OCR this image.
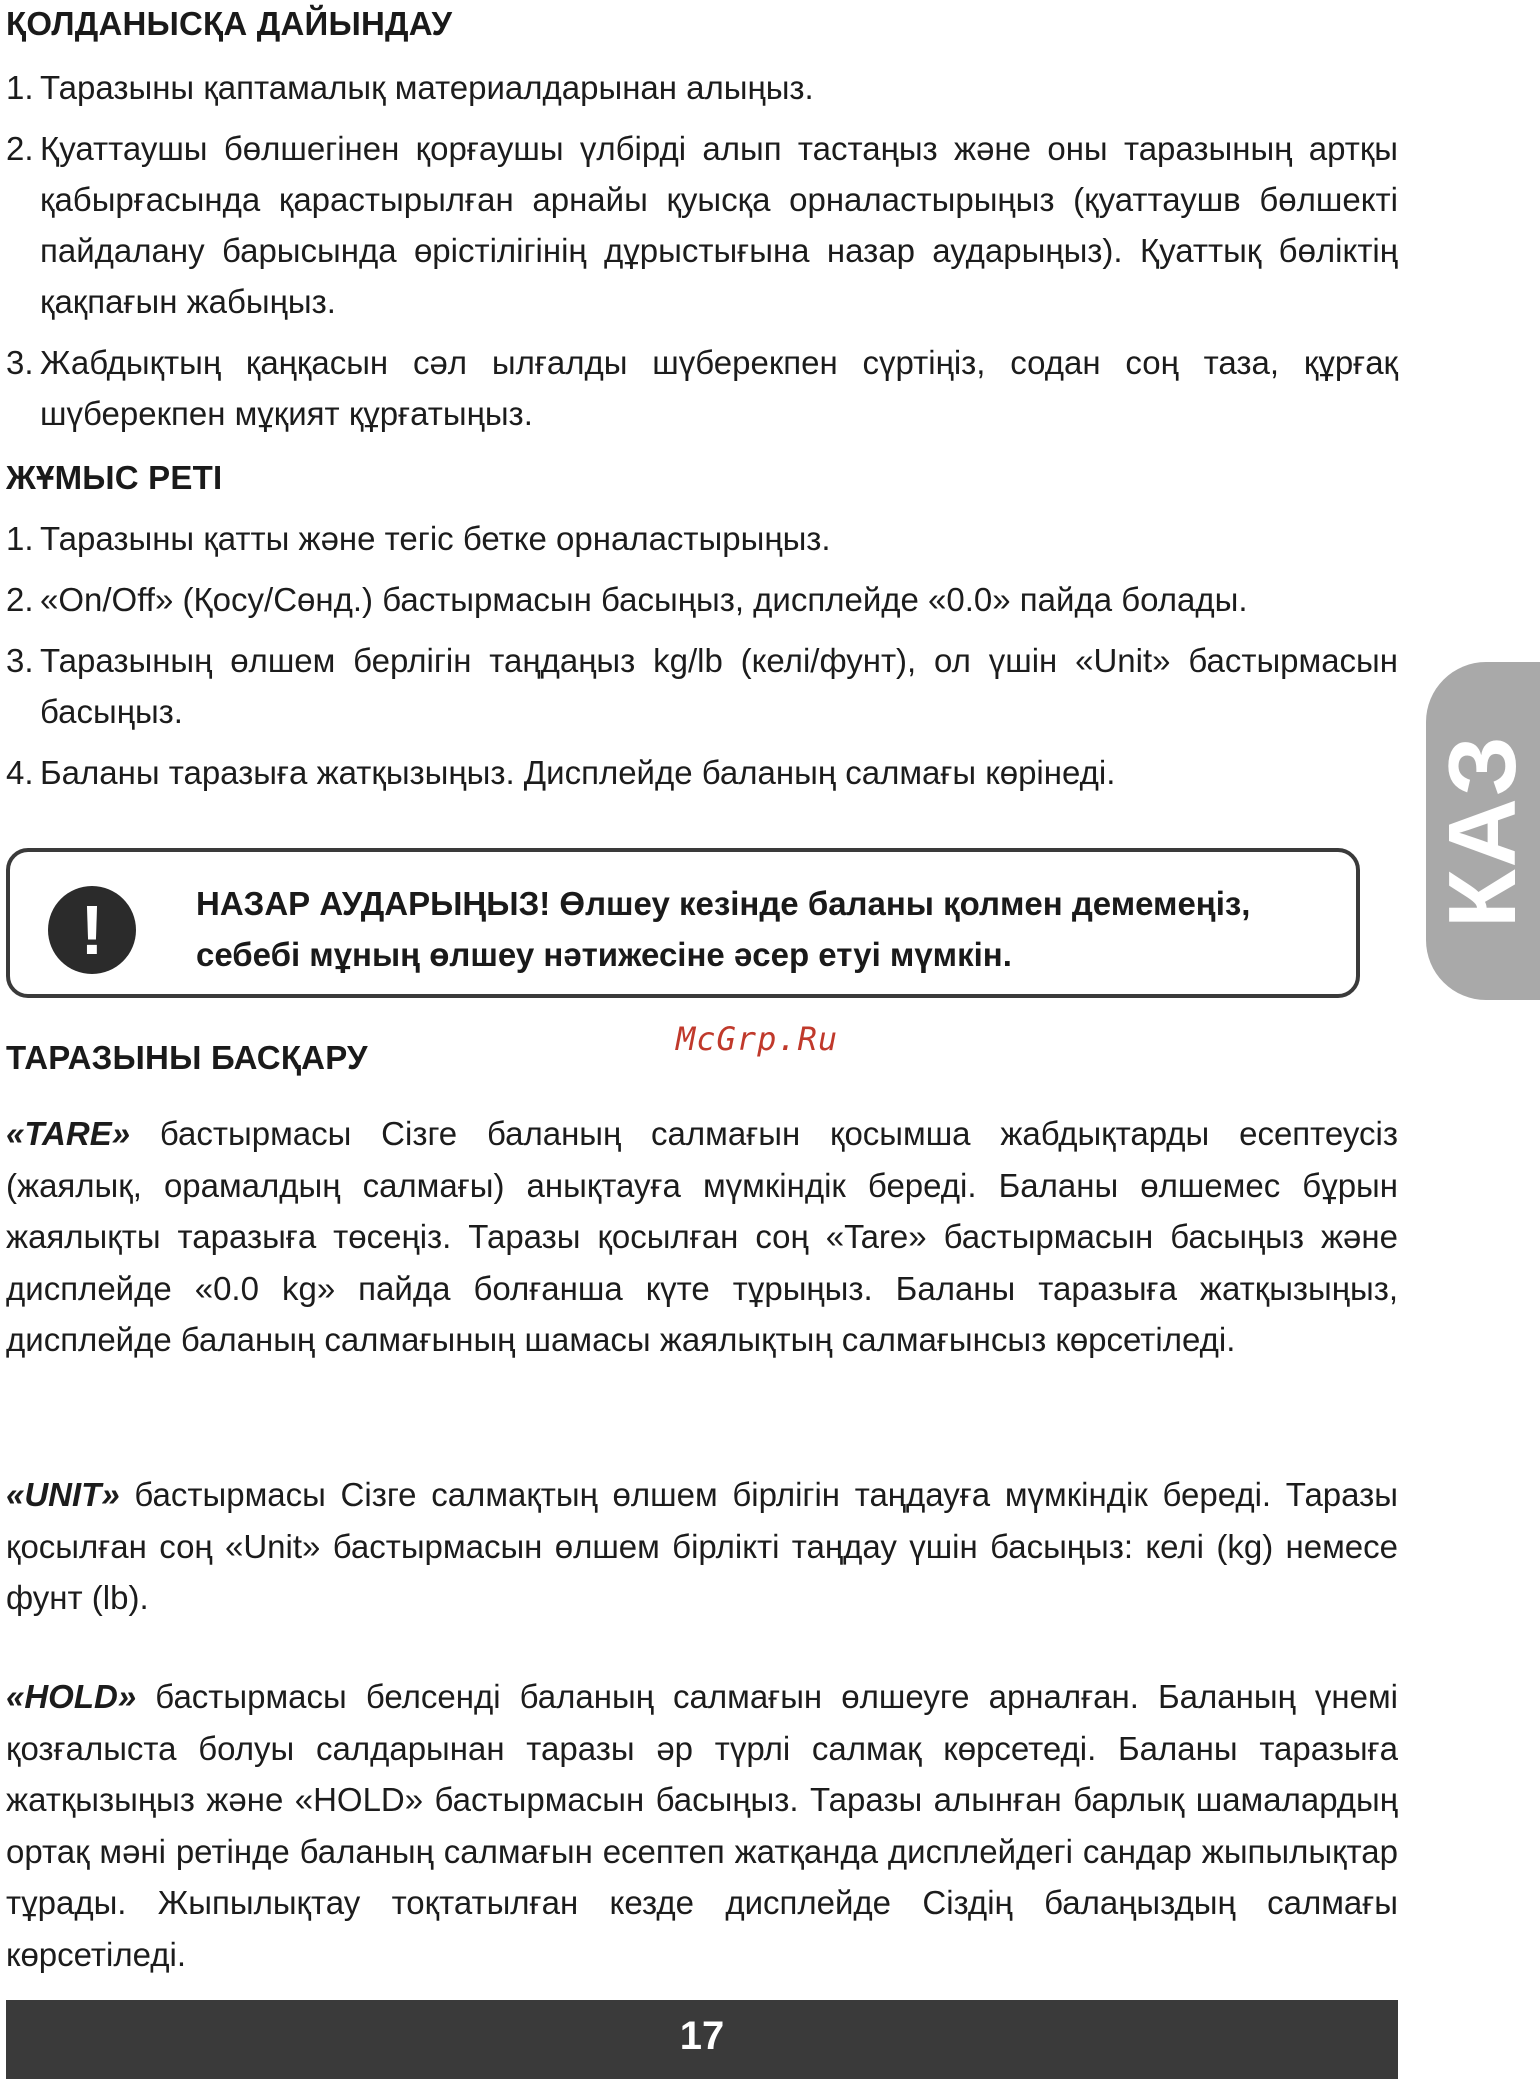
ҚОЛДАНЫСҚА ДАЙЫНДАУ
1. Таразыны қаптамалық материалдарынан алыңыз.
2. Қуаттаушы бөлшегінен қорғаушы үлбірді алып тастаңыз және оны таразының артқы қабырғасында қарастырылған арнайы қуысқа орналастырыңыз (қуаттаушв бөлшекті пайдалану барысында өрістілігінің дұрыстығына назар аударыңыз). Қуаттық бөліктің қақпағын жабыңыз.
3. Жабдықтың қаңқасын сәл ылғалды шүберекпен сүртіңіз, содан соң таза, құрғақ шүберекпен мұқият құрғатыңыз.
ЖҰМЫС РЕТІ
1. Таразыны қатты және тегіс бетке орналастырыңыз.
2. «On/Off» (Қосу/Сөнд.) бастырмасын басыңыз, дисплейде «0.0» пайда болады.
3. Таразының өлшем берлігін таңдаңыз kg/lb (келі/фунт), ол үшін «Unit» бастырмасын басыңыз.
4. Баланы таразыға жатқызыңыз. Дисплейде баланың салмағы көрінеді.
!	НАЗАР АУДАРЫҢЫЗ! Өлшеу кезінде баланы қолмен демемеңіз, себебі мұның өлшеу нәтижесіне әсер етуі мүмкін.
McGrp.Ru
ТАРАЗЫНЫ БАСҚАРУ

«TARE» бастырмасы Сізге баланың салмағын қосымша жабдықтарды есептеусіз (жаялық, орамалдың салмағы) анықтауға мүмкіндік береді. Баланы өлшемес бұрын жаялықты таразыға төсеңіз. Таразы қосылған соң «Tare» бастырмасын басыңыз және дисплейде «0.0 kg» пайда болғанша күте тұрыңыз. Баланы таразыға жатқызыңыз, дисплейде баланың салмағының шамасы жаялықтың салмағынсыз көрсетіледі.

«UNIT» бастырмасы Сізге салмақтың өлшем бірлігін таңдауға мүмкіндік береді. Таразы қосылған соң «Unit» бастырмасын өлшем бірлікті таңдау үшін басыңыз: келі (kg) немесе фунт (lb).

«HOLD» бастырмасы белсенді баланың салмағын өлшеуге арналған. Баланың үнемі қозғалыста болуы салдарынан таразы әр түрлі салмақ көрсетеді. Баланы таразыға жатқызыңыз және «HOLD» бастырмасын басыңыз. Таразы алынған барлық шамалардың ортақ мәні ретінде баланың салмағын есептеп жатқанда дисплейдегі сандар жыпылықтар тұрады. Жыпылықтау тоқтатылған кезде дисплейде Сіздің балаңыздың салмағы көрсетіледі.

КАЗ
17
